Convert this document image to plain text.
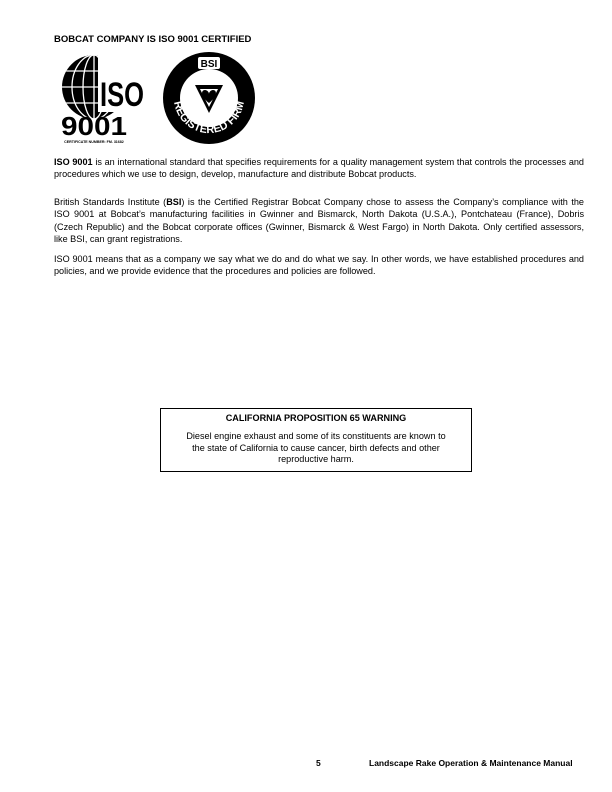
BOBCAT COMPANY IS ISO 9001 CERTIFIED
ISO
9001
CERTIFICATE NUMBER: FM. 31682
BSI
REGISTERED FIRM
ISO 9001 is an international standard that specifies requirements for a quality management system that controls the processes and procedures which we use to design, develop, manufacture and distribute Bobcat products.
British Standards Institute (BSI) is the Certified Registrar Bobcat Company chose to assess the Company’s compliance with the ISO 9001 at Bobcat’s manufacturing facilities in Gwinner and Bismarck, North Dakota (U.S.A.), Pontchateau (France), Dobris (Czech Republic) and the Bobcat corporate offices (Gwinner, Bismarck & West Fargo) in North Dakota. Only certified assessors, like BSI, can grant registrations.
ISO 9001 means that as a company we say what we do and do what we say. In other words, we have established procedures and policies, and we provide evidence that the procedures and policies are followed.
CALIFORNIA PROPOSITION 65 WARNING
Diesel engine exhaust and some of its constituents are known to the state of California to cause cancer, birth defects and other reproductive harm.
5	Landscape Rake Operation & Maintenance Manual
